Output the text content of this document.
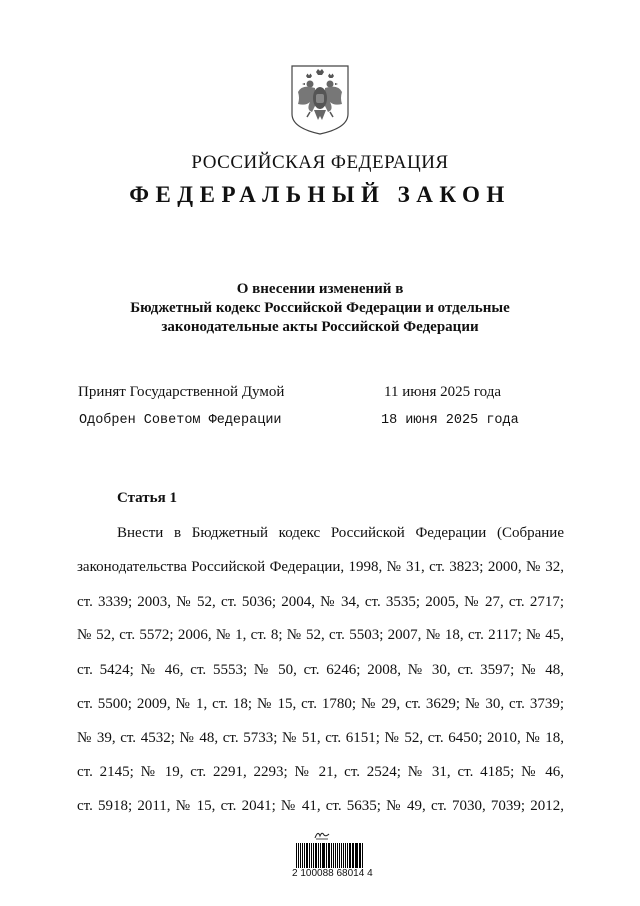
РОССИЙСКАЯ ФЕДЕРАЦИЯ
ФЕДЕРАЛЬНЫЙ ЗАКОН
О внесении изменений в
Бюджетный кодекс Российской Федерации и отдельные
законодательные акты Российской Федерации
Принят Государственной Думой	11 июня 2025 года
Одобрен Советом Федерации	18 июня 2025 года
Статья 1
Внести в Бюджетный кодекс Российской Федерации (Собрание
законодательства Российской Федерации, 1998, № 31, ст. 3823; 2000, № 32,
ст. 3339; 2003, № 52, ст. 5036; 2004, № 34, ст. 3535; 2005, № 27, ст. 2717;
№ 52, ст. 5572; 2006, № 1, ст. 8; № 52, ст. 5503; 2007, № 18, ст. 2117; № 45,
ст. 5424; № 46, ст. 5553; № 50, ст. 6246; 2008, № 30, ст. 3597; № 48,
ст. 5500; 2009, № 1, ст. 18; № 15, ст. 1780; № 29, ст. 3629; № 30, ст. 3739;
№ 39, ст. 4532; № 48, ст. 5733; № 51, ст. 6151; № 52, ст. 6450; 2010, № 18,
ст. 2145; № 19, ст. 2291, 2293; № 21, ст. 2524; № 31, ст. 4185; № 46,
ст. 5918; 2011, № 15, ст. 2041; № 41, ст. 5635; № 49, ст. 7030, 7039; 2012,
2 100088 68014 4
